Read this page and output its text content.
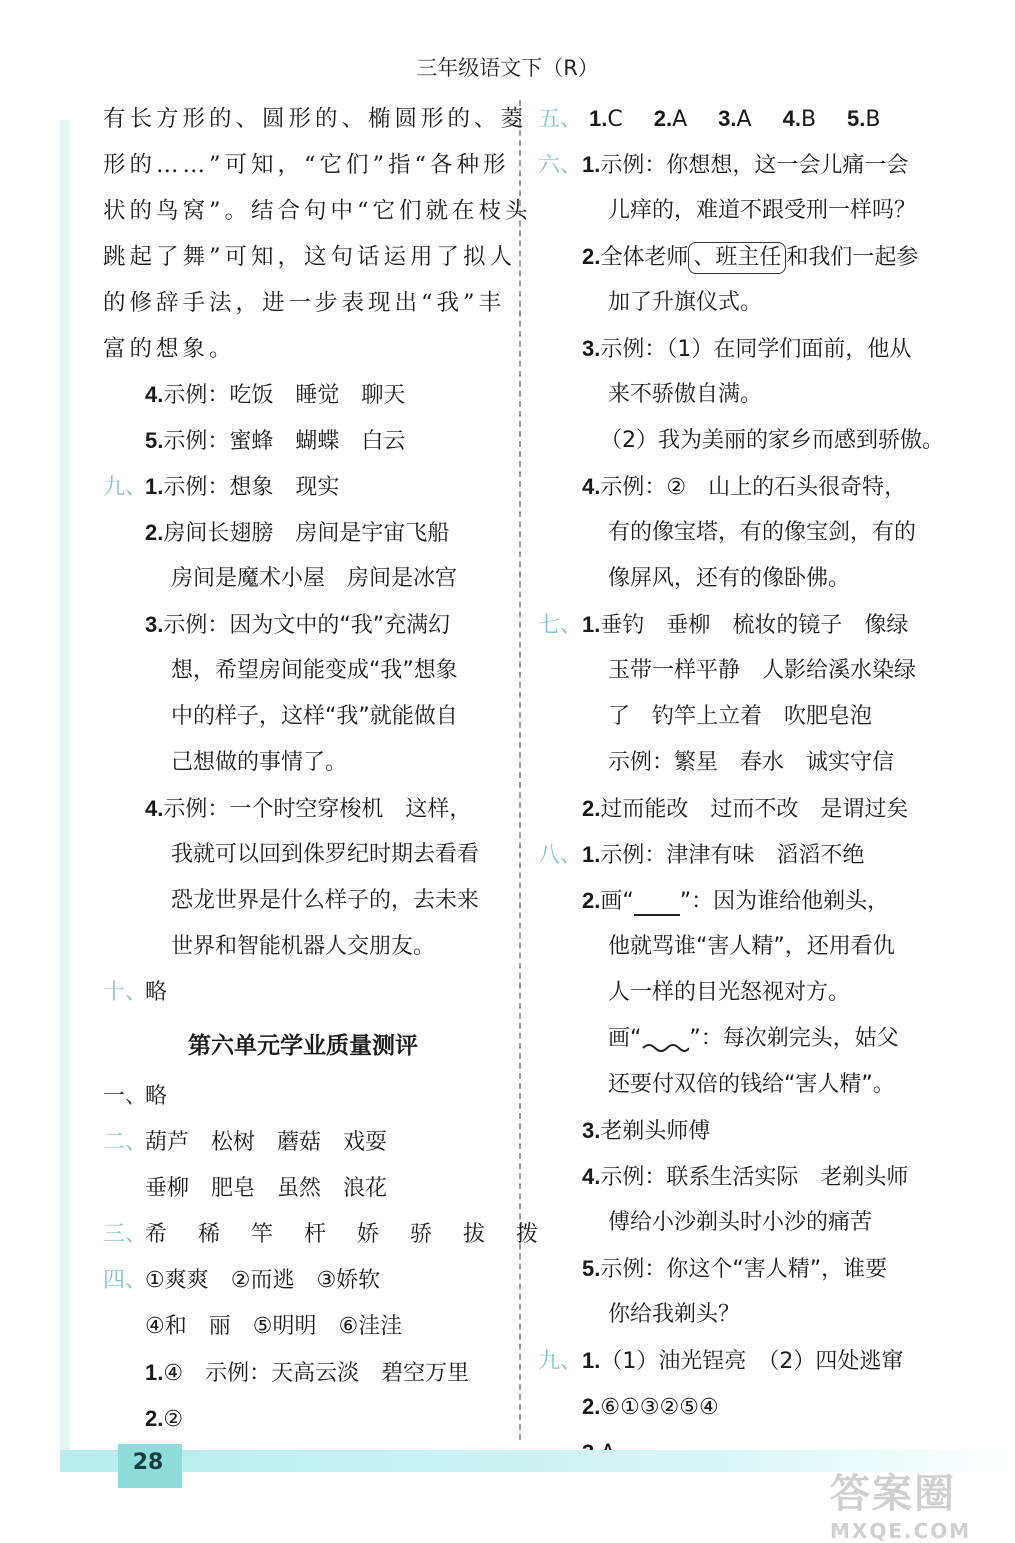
三年级语文下（R）
有长方形的、圆形的、椭圆形的、菱
形的……”可知，“它们”指“各种形
状的鸟窝”。结合句中“它们就在枝头
跳起了舞”可知，这句话运用了拟人
的修辞手法，进一步表现出“我”丰
富的想象。
4.示例：吃饭　睡觉　聊天
5.示例：蜜蜂　蝴蝶　白云
九、1.示例：想象　现实
2.房间长翅膀　房间是宇宙飞船
房间是魔术小屋　房间是冰宫
3.示例：因为文中的“我”充满幻
想，希望房间能变成“我”想象
中的样子，这样“我”就能做自
己想做的事情了。
4.示例：一个时空穿梭机　这样，
我就可以回到侏罗纪时期去看看
恐龙世界是什么样子的，去未来
世界和智能机器人交朋友。
十、略
第六单元学业质量测评
一、略
二、葫芦　松树　蘑菇　戏耍
垂柳　肥皂　虽然　浪花
三、希 稀 竿 杆 娇 骄 拔 拨
四、①爽爽　②而逃　③娇软
④和　丽　⑤明明　⑥洼洼
1.④　示例：天高云淡　碧空万里
2.②
五、 1.C 2.A 3.A 4.B 5.B
六、1.示例：你想想，这一会儿痛一会
儿痒的，难道不跟受刑一样吗？
2.全体老师 、班主任 和我们一起参
加了升旗仪式。
3.示例：（1）在同学们面前，他从
来不骄傲自满。
（2）我为美丽的家乡而感到骄傲。
4.示例：②　山上的石头很奇特，
有的像宝塔，有的像宝剑，有的
像屏风，还有的像卧佛。
七、1.垂钓　垂柳　梳妆的镜子　像绿
玉带一样平静　人影给溪水染绿
了　钓竿上立着　吹肥皂泡
示例：繁星　春水　诚实守信
2.过而能改　过而不改　是谓过矣
八、1.示例：津津有味　滔滔不绝
2.画“ ”：因为谁给他剃头，
他就骂谁“害人精”，还用看仇
人一样的目光怒视对方。
画“ ”：每次剃完头，姑父
还要付双倍的钱给“害人精”。
3.老剃头师傅
4.示例：联系生活实际　老剃头师
傅给小沙剃头时小沙的痛苦
5.示例：你这个“害人精”，谁要
你给我剃头？
九、1.（1）油光锃亮　（2）四处逃窜
2.⑥①③②⑤④
28
答案圈
MXQE.COM
